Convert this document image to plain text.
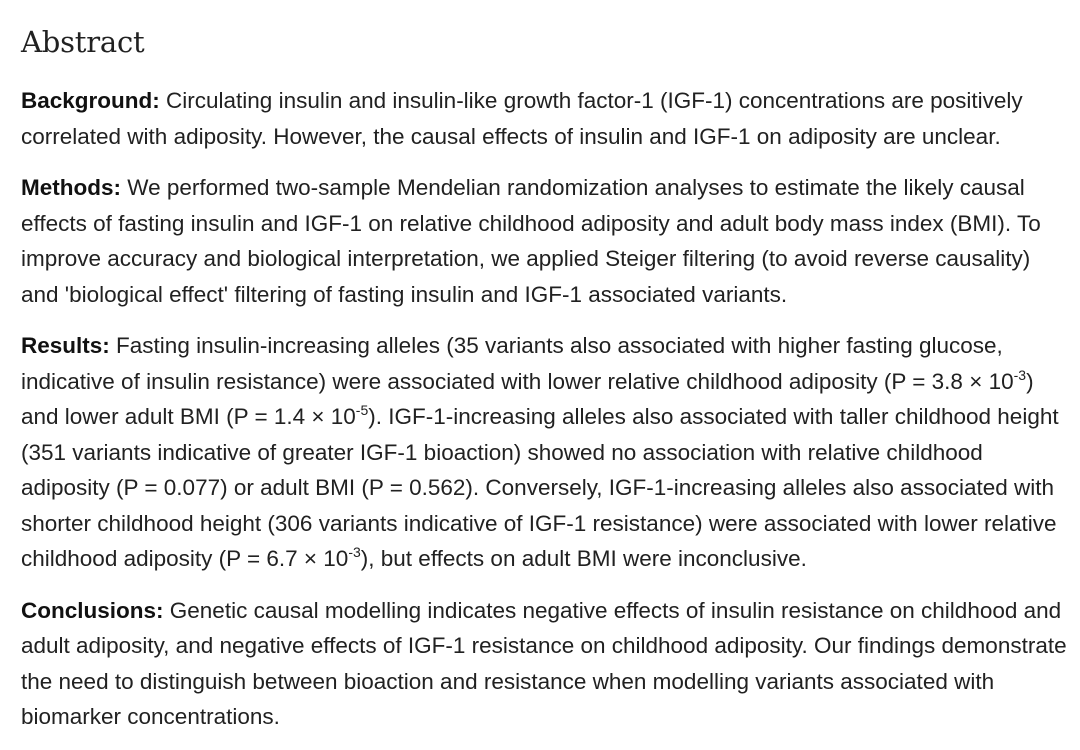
Abstract

Background: Circulating insulin and insulin-like growth factor-1 (IGF-1) concentrations are positively correlated with adiposity. However, the causal effects of insulin and IGF-1 on adiposity are unclear.

Methods: We performed two-sample Mendelian randomization analyses to estimate the likely causal effects of fasting insulin and IGF-1 on relative childhood adiposity and adult body mass index (BMI). To improve accuracy and biological interpretation, we applied Steiger filtering (to avoid reverse causality) and 'biological effect' filtering of fasting insulin and IGF-1 associated variants.

Results: Fasting insulin-increasing alleles (35 variants also associated with higher fasting glucose, indicative of insulin resistance) were associated with lower relative childhood adiposity $(P = 3.8 \times 10^{-3})$ and lower adult BMI $(P = 1.4 \times 10^{-5})$. IGF-1-increasing alleles also associated with taller childhood height (351 variants indicative of greater IGF-1 bioaction) showed no association with relative childhood adiposity (P = 0.077) or adult BMI (P = 0.562). Conversely, IGF-1-increasing alleles also associated with shorter childhood height (306 variants indicative of IGF-1 resistance) were associated with lower relative childhood adiposity $(P = 6.7 \times 10^{-3})$, but effects on adult BMI were inconclusive.

Conclusions: Genetic causal modelling indicates negative effects of insulin resistance on childhood and adult adiposity, and negative effects of IGF-1 resistance on childhood adiposity. Our findings demonstrate the need to distinguish between bioaction and resistance when modelling variants associated with biomarker concentrations.
